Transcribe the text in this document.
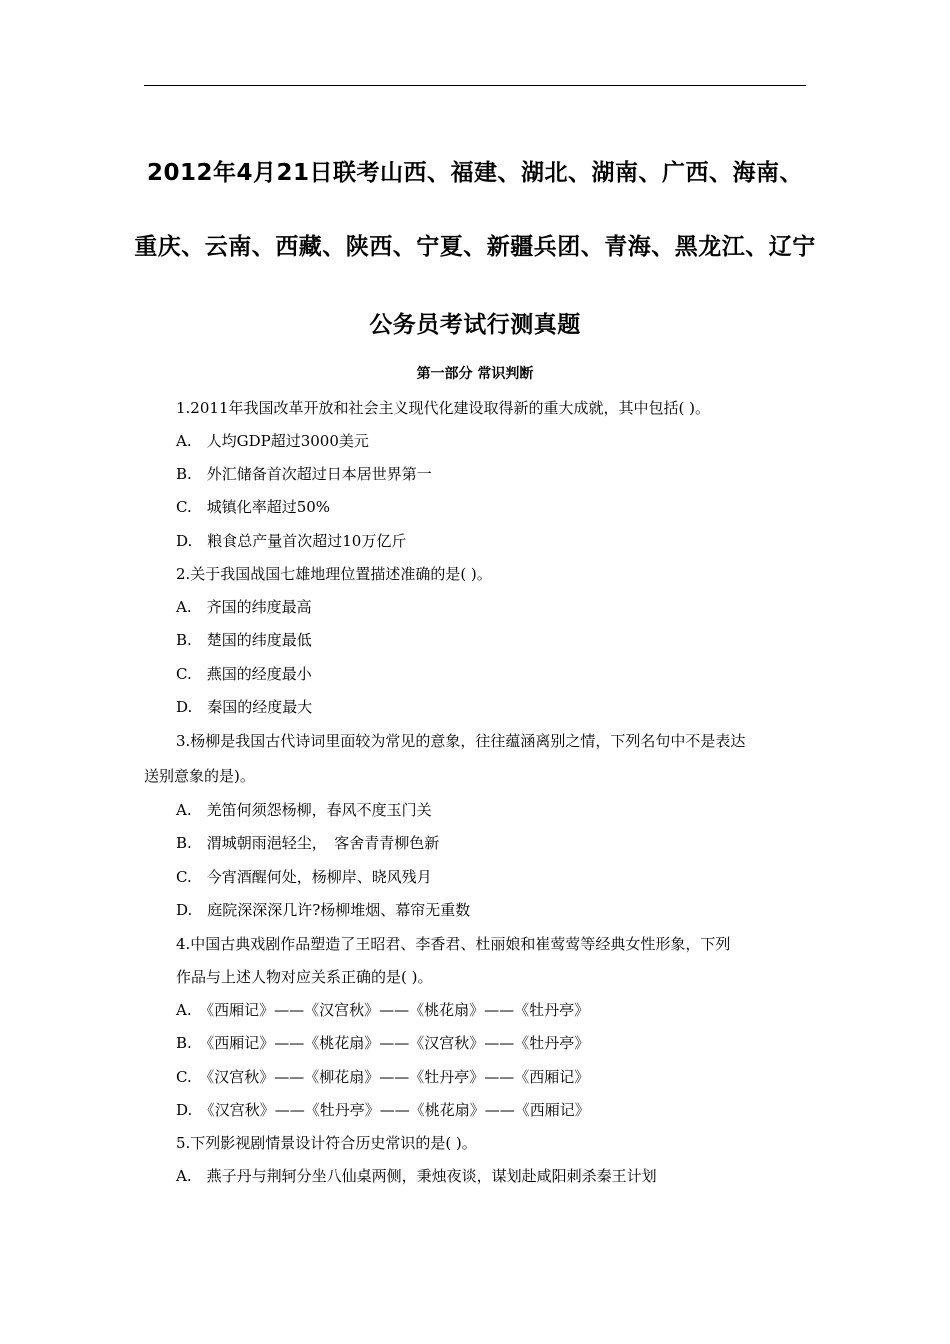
2012年4月21日联考山西、福建、湖北、湖南、广西、海南、
重庆、云南、西藏、陕西、宁夏、新疆兵团、青海、黑龙江、辽宁
公务员考试行测真题
第一部分 常识判断
1.2011年我国改革开放和社会主义现代化建设取得新的重大成就，其中包括( )。
A.　人均GDP超过3000美元
B.　外汇储备首次超过日本居世界第一
C.　城镇化率超过50%
D.　粮食总产量首次超过10万亿斤
2.关于我国战国七雄地理位置描述准确的是( )。
A.　齐国的纬度最高
B.　楚国的纬度最低
C.　燕国的经度最小
D.　秦国的经度最大
3.杨柳是我国古代诗词里面较为常见的意象，往往蕴涵离别之情，下列名句中不是表达
送别意象的是)。
A.　羌笛何须怨杨柳，春风不度玉门关
B.　渭城朝雨浥轻尘，　客舍青青柳色新
C.　今宵酒醒何处，杨柳岸、晓风残月
D.　庭院深深深几许?杨柳堆烟、幕帘无重数
4.中国古典戏剧作品塑造了王昭君、李香君、杜丽娘和崔莺莺等经典女性形象，下列
作品与上述人物对应关系正确的是( )。
A.　《西厢记》——《汉宫秋》——《桃花扇》——《牡丹亭》
B.　《西厢记》——《桃花扇》——《汉宫秋》——《牡丹亭》
C.　《汉宫秋》——《柳花扇》——《牡丹亭》——《西厢记》
D.　《汉宫秋》——《牡丹亭》——《桃花扇》——《西厢记》
5.下列影视剧情景设计符合历史常识的是( )。
A.　燕子丹与荆轲分坐八仙桌两侧，秉烛夜谈，谋划赴咸阳刺杀秦王计划
